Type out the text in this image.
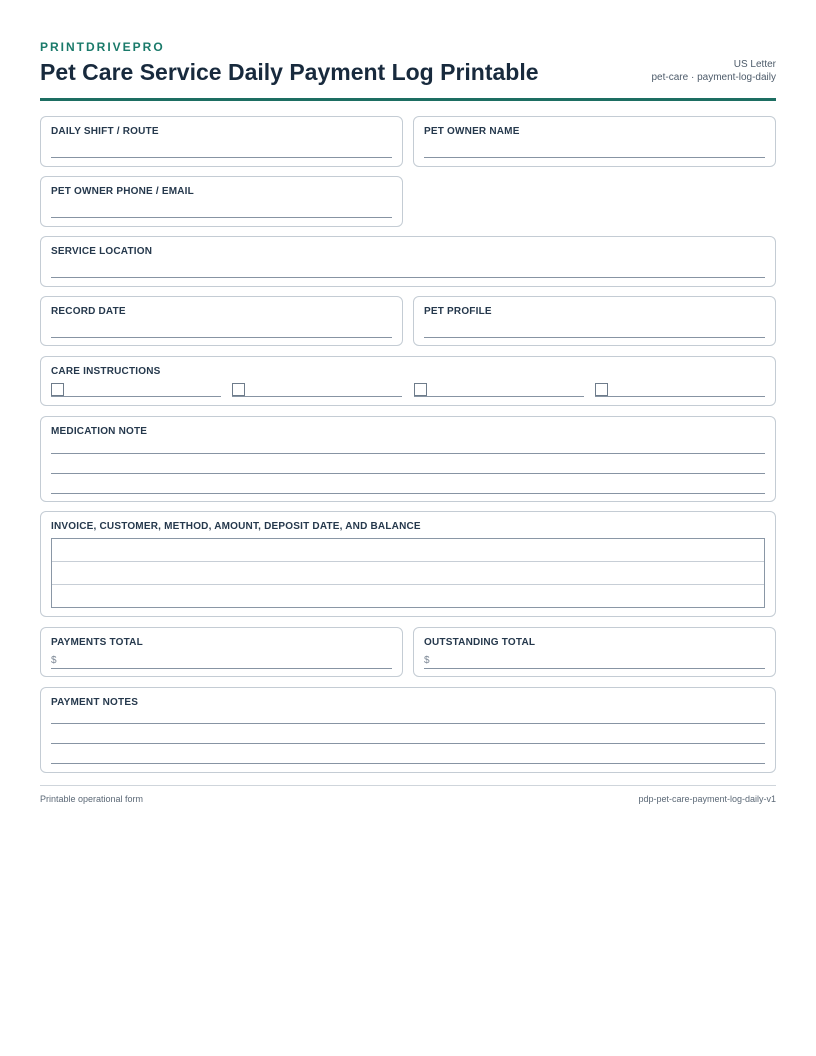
PRINTDRIVEPRO
Pet Care Service Daily Payment Log Printable	US Letter
pet-care · payment-log-daily
DAILY SHIFT / ROUTE	PET OWNER NAME
PET OWNER PHONE / EMAIL
SERVICE LOCATION
RECORD DATE	PET PROFILE
CARE INSTRUCTIONS
MEDICATION NOTE
INVOICE, CUSTOMER, METHOD, AMOUNT, DEPOSIT DATE, AND BALANCE
PAYMENTS TOTAL
$
OUTSTANDING TOTAL
$
PAYMENT NOTES
Printable operational form	pdp-pet-care-payment-log-daily-v1
